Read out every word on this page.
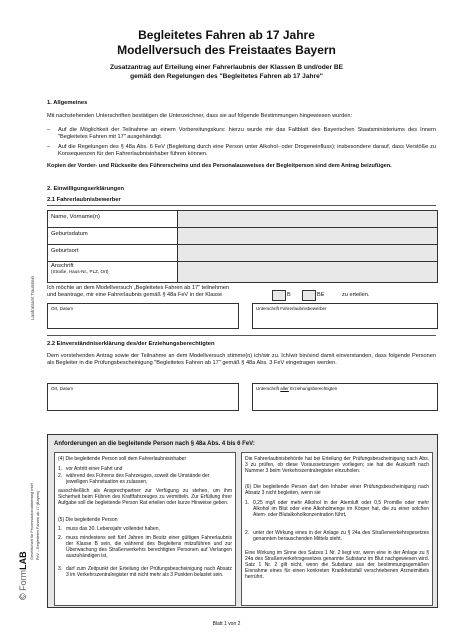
Begleitetes Fahren ab 17 Jahre
Modellversuch des Freistaates Bayern
Zusatzantrag auf Erteilung einer Fahrerlaubnis der Klassen B und/oder BE
gemäß den Regelungen des "Begleitetes Fahren ab 17 Jahre"
1. Allgemeines
Mit nachstehenden Unterschriften bestätigen die Unterzeichner, dass sie auf folgende Bestimmungen hingewiesen wurden:
– Auf die Möglichkeit der Teilnahme an einem Vorbereitungskurs: hierzu wurde mir das Faltblatt des Bayerischen Staatsministeriums des Innern "Begleitetes Fahren mit 17" ausgehändigt.
– Auf die Regelungen des § 48a Abs. 6 FeV (Begleitung durch eine Person unter Alkohol- oder Drogeneinfluss); insbesondere darauf, dass Verstöße zu Konsequenzen für den Fahrerlaubnisinhaber führen können.
Kopien der Vorder- und Rückseite des Führerscheins und des Personalausweises der Begleitperson sind dem Antrag beizufügen.
2. Einwilligungserklärungen
2.1 Fahrerlaubnisbewerber
Name, Vorname(n)
Geburtsdatum
Geburtsort
Anschrift
(Straße, Haus-Nr., PLZ, Ort)
Ich möchte an dem Modellversuch „Begleitetes Fahren ab 17" teilnehmen
und beantrage, mir eine Fahrerlaubnis gemäß § 48a FeV in der Klasse	B	BE	zu erteilen.
Ort, Datum	Unterschrift Fahrerlaubnisbewerber
2.2 Einverständniserklärung des/der Erziehungsberechtigten
Dem vorstehenden Antrag sowie der Teilnahme an dem Modellversuch stimme(n) ich/wir zu. Ich/wir bin/sind damit einverstanden, dass folgende Personen als Begleiter in die Prüfungsbescheinigung "Begleitetes Fahren ab 17" gemäß § 48a Abs. 3 FeV eingetragen werden.
Ort, Datum	Unterschrift aller Erziehungsberechtigten
Anforderungen an die begleitende Person nach § 48a Abs. 4 bis 6 FeV:
(4) Die begleitende Person soll dem Fahrerlaubnisinhaber
1. vor Antritt einer Fahrt und
2. während des Führens des Fahrzeuges, soweit die Umstände der jeweiligen Fahrsituation es zulassen,
ausschließlich als Ansprechpartner zur Verfügung zu stehen, um ihm Sicherheit beim Führen des Kraftfahrzeuges zu vermitteln. Zur Erfüllung ihrer Aufgabe soll die begleitende Person Rat erteilen oder kurze Hinweise geben.
(5) Die begleitende Person
1. muss das 30. Lebensjahr vollendet haben,
2. muss mindestens seit fünf Jahren im Besitz einer gültigen Fahrerlaubnis der Klasse B sein, die während des Begleitens mitzuführen und zur Überwachung des Straßenverkehrs berechtigten Personen auf Verlangen auszuhändigen ist,
3. darf zum Zeitpunkt der Erteilung der Prüfungsbescheinigung nach Absatz 3 im Verkehrszentralregister mit nicht mehr als 3 Punkten belastet sein.
Die Fahrerlaubnisbehörde hat bei Erteilung der Prüfungsbescheinigung nach Abs. 3 zu prüfen, ob diese Voraussetzungen vorliegen; sie hat die Auskunft nach Nummer 3 beim Verkehrszentralregister einzuholen.
(6) Die begleitende Person darf den Inhaber einer Prüfungsbescheinigung nach Absatz 3 nicht begleiten, wenn sie
1. 0,25 mg/l oder mehr Alkohol in der Atemluft oder 0,5 Promille oder mehr Alkohol im Blut oder eine Alkoholmenge im Körper hat, die zu einer solchen Atem- oder Blutalkoholkonzentration führt,
2. unter der Wirkung eines in der Anlage zu § 24a des Straßenverkehrsgesetzes genannten berauschenden Mittels steht.
Eine Wirkung im Sinne des Satzes 1 Nr. 2 liegt vor, wenn eine in der Anlage zu § 24a des Straßenverkehrsgesetzes genannte Substanz im Blut nachgewiesen wird. Satz 1 Nr. 2 gilt nicht, wenn die Substanz aus der bestimmungsgemäßen Einnahme eines für einen konkreten Krankheitsfall verschriebenen Arzneimittels herrührt.
Landratsamt Traunstein
© FormLAB
Gesellschaft für Prozessautomatisierung mbH FeV – Begleitetes Fahren ab 17 (Bayern)
Blatt 1 von 2
